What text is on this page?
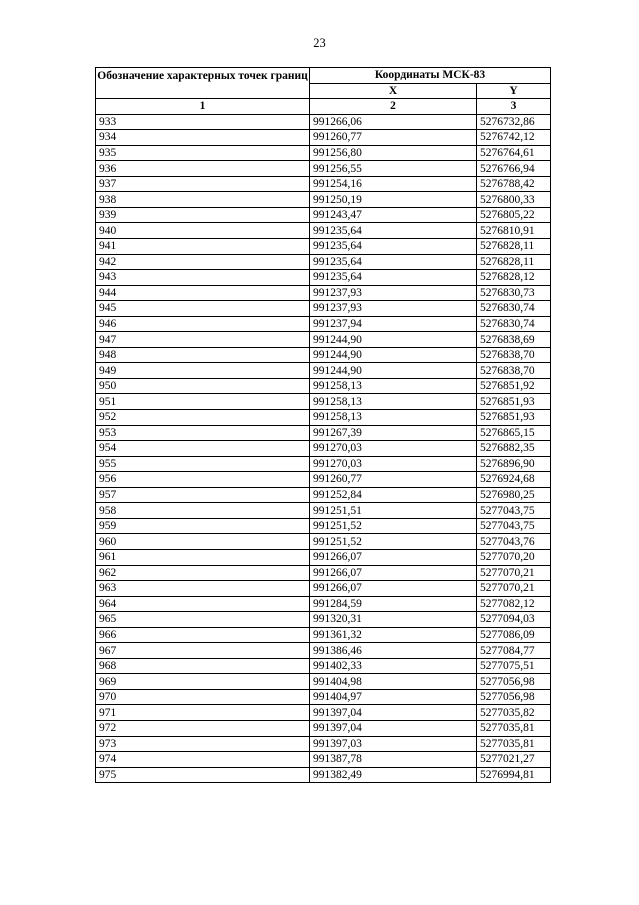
23
Обозначение характерных точек границ	Координаты МСК-83	
	X	Y
1	2	3
933	991266,06	5276732,86
934	991260,77	5276742,12
935	991256,80	5276764,61
936	991256,55	5276766,94
937	991254,16	5276788,42
938	991250,19	5276800,33
939	991243,47	5276805,22
940	991235,64	5276810,91
941	991235,64	5276828,11
942	991235,64	5276828,11
943	991235,64	5276828,12
944	991237,93	5276830,73
945	991237,93	5276830,74
946	991237,94	5276830,74
947	991244,90	5276838,69
948	991244,90	5276838,70
949	991244,90	5276838,70
950	991258,13	5276851,92
951	991258,13	5276851,93
952	991258,13	5276851,93
953	991267,39	5276865,15
954	991270,03	5276882,35
955	991270,03	5276896,90
956	991260,77	5276924,68
957	991252,84	5276980,25
958	991251,51	5277043,75
959	991251,52	5277043,75
960	991251,52	5277043,76
961	991266,07	5277070,20
962	991266,07	5277070,21
963	991266,07	5277070,21
964	991284,59	5277082,12
965	991320,31	5277094,03
966	991361,32	5277086,09
967	991386,46	5277084,77
968	991402,33	5277075,51
969	991404,98	5277056,98
970	991404,97	5277056,98
971	991397,04	5277035,82
972	991397,04	5277035,81
973	991397,03	5277035,81
974	991387,78	5277021,27
975	991382,49	5276994,81
